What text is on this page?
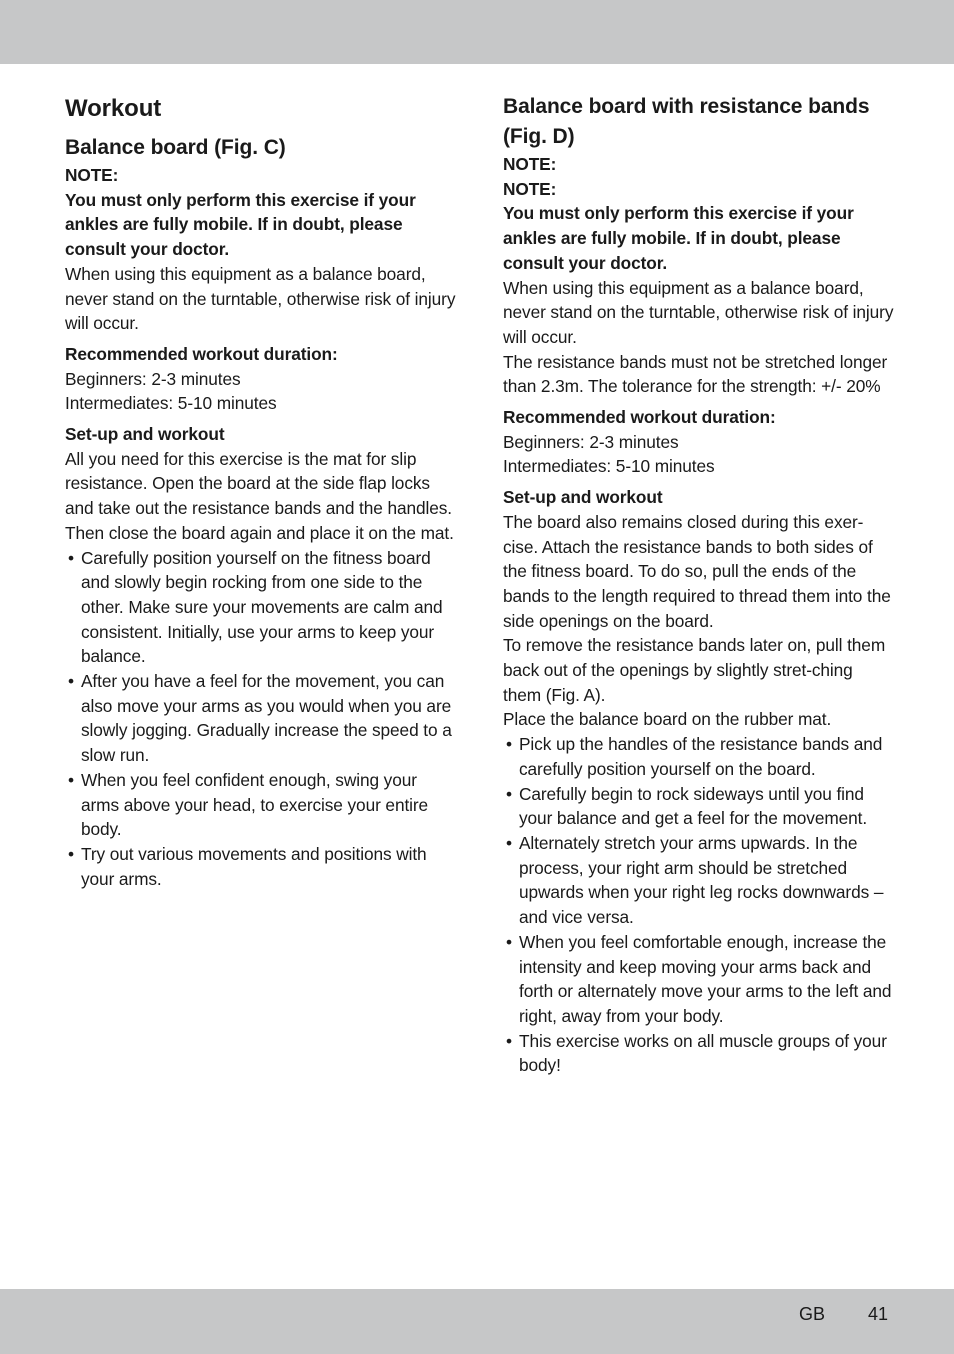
Workout
Balance board (Fig. C)

NOTE:

You must only perform this exercise if your ankles are fully mobile. If in doubt, please consult your doctor.

When using this equipment as a balance board, never stand on the turntable, otherwise risk of injury will occur.

Recommended workout duration:

Beginners: 2-3 minutes

Intermediates: 5-10 minutes

Set-up and workout

All you need for this exercise is the mat for slip resistance. Open the board at the side flap locks and take out the resistance bands and the handles. Then close the board again and place it on the mat.

• Carefully position yourself on the fitness board and slowly begin rocking from one side to the other. Make sure your movements are calm and consistent. Initially, use your arms to keep your balance.
• After you have a feel for the movement, you can also move your arms as you would when you are slowly jogging. Gradually increase the speed to a slow run.
• When you feel confident enough, swing your arms above your head, to exercise your entire body.
• Try out various movements and positions with your arms.
Balance board with resistance bands (Fig. D)

NOTE:

NOTE:

You must only perform this exercise if your ankles are fully mobile. If in doubt, please consult your doctor.

When using this equipment as a balance board, never stand on the turntable, otherwise risk of injury will occur.

The resistance bands must not be stretched longer than 2.3m. The tolerance for the strength: +/- 20%

Recommended workout duration:

Beginners: 2-3 minutes

Intermediates: 5-10 minutes

Set-up and workout

The board also remains closed during this exer-cise. Attach the resistance bands to both sides of the fitness board. To do so, pull the ends of the bands to the length required to thread them into the side openings on the board.

To remove the resistance bands later on, pull them back out of the openings by slightly stret-ching them (Fig. A).

Place the balance board on the rubber mat.

• Pick up the handles of the resistance bands and carefully position yourself on the board.
• Carefully begin to rock sideways until you find your balance and get a feel for the movement.
• Alternately stretch your arms upwards. In the process, your right arm should be stretched upwards when your right leg rocks downwards – and vice versa.
• When you feel comfortable enough, increase the intensity and keep moving your arms back and forth or alternately move your arms to the left and right, away from your body.
• This exercise works on all muscle groups of your body!
GB 41
